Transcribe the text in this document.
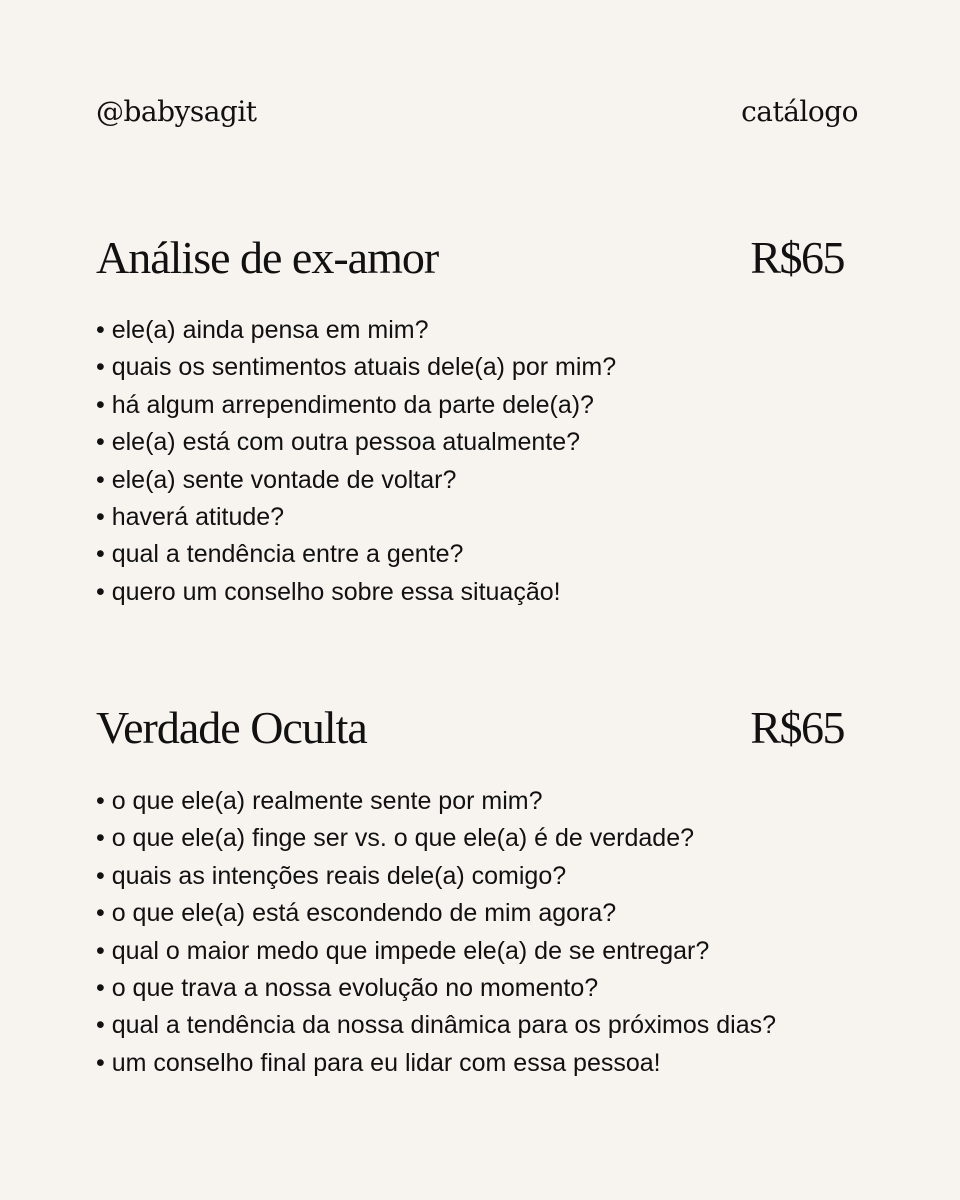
@babysagit	catálogo
Análise de ex-amor	R$65
• ele(a) ainda pensa em mim?
• quais os sentimentos atuais dele(a) por mim?
• há algum arrependimento da parte dele(a)?
• ele(a) está com outra pessoa atualmente?
• ele(a) sente vontade de voltar?
• haverá atitude?
• qual a tendência entre a gente?
• quero um conselho sobre essa situação!
Verdade Oculta	R$65
• o que ele(a) realmente sente por mim?
• o que ele(a) finge ser vs. o que ele(a) é de verdade?
• quais as intenções reais dele(a) comigo?
• o que ele(a) está escondendo de mim agora?
• qual o maior medo que impede ele(a) de se entregar?
• o que trava a nossa evolução no momento?
• qual a tendência da nossa dinâmica para os próximos dias?
• um conselho final para eu lidar com essa pessoa!
